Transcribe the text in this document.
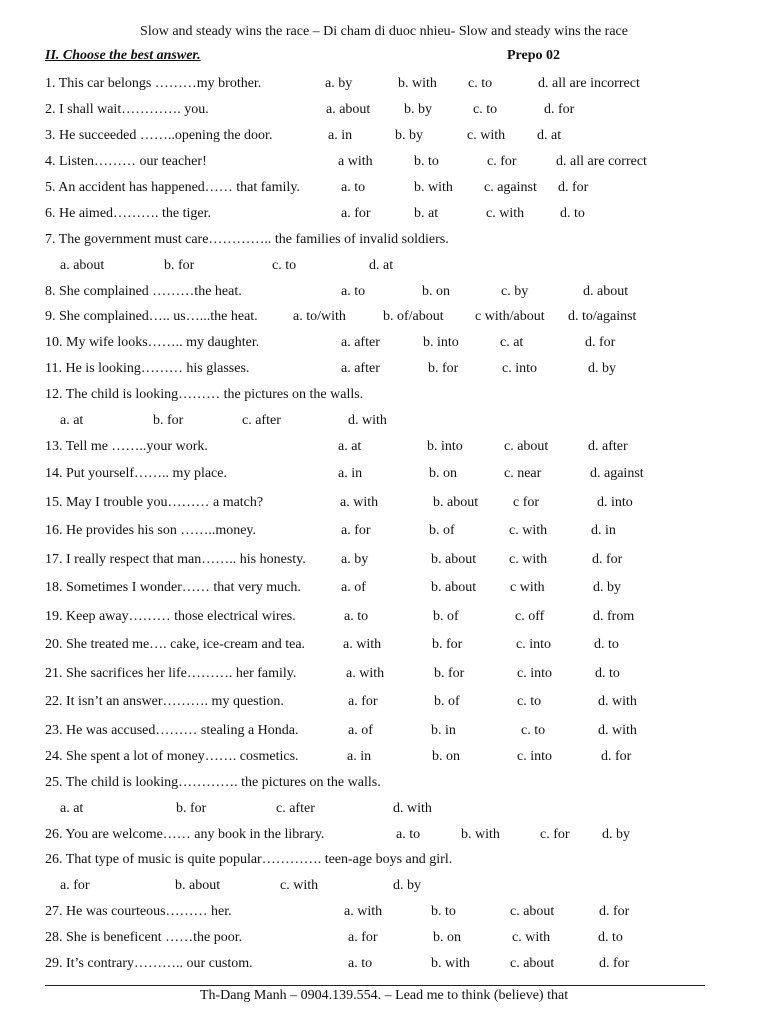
Slow and steady wins the race – Di cham di duoc nhieu- Slow and steady wins the race
II. Choose the best answer.	Prepo 02
1. This car belongs ………my brother.	a. by	b. with c. to	d. all are incorrect
2. I shall wait…………. you.	a. about b. by	c. to	d. for
3. He succeeded ……..opening the door.	a. in	b. by	c. with d. at
4. Listen……… our teacher!	a with	b. to	c. for	d. all are correct
5. An accident has happened…… that family.	a. to	b. with c. against d. for
6. He aimed………. the tiger.	a. for	b. at	c. with	d. to
7. The government must care………….. the families of invalid soldiers.
a. about	b. for	c. to	d. at
8. She complained ………the heat.	a. to	b. on	c. by	d. about
9. She complained….. us…...the heat.	a. to/with	b. of/about c with/about d. to/against
10. My wife looks…….. my daughter.	a. after	b. into	c. at	d. for
11. He is looking……… his glasses.	a. after	b. for	c. into	d. by
12. The child is looking……… the pictures on the walls.
a. at	b. for	c. after	d. with
13. Tell me ……..your work.	a. at	b. into	c. about	d. after
14. Put yourself…….. my place.	a. in	b. on	c. near	d. against
15. May I trouble you……… a match?	a. with	b. about c for	d. into
16. He provides his son ……..money.	a. for	b. of	c. with	d. in
17. I really respect that man…….. his honesty.	a. by	b. about c. with	d. for
18. Sometimes I wonder…… that very much.	a. of	b. about c with	d. by
19. Keep away……… those electrical wires.	a. to	b. of	c. off	d. from
20. She treated me…. cake, ice-cream and tea.	a. with	b. for	c. into	d. to
21. She sacrifices her life………. her family.	a. with	b. for	c. into	d. to
22. It isn’t an answer………. my question.	a. for	b. of	c. to	d. with
23. He was accused……… stealing a Honda.	a. of	b. in	c. to	d. with
24. She spent a lot of money……. cosmetics.	a. in	b. on	c. into	d. for
25. The child is looking…………. the pictures on the walls.
a. at	b. for	c. after	d. with
26. You are welcome…… any book in the library.	a. to	b. with	c. for d. by
26. That type of music is quite popular…………. teen-age boys and girl.
a. for	b. about	c. with	d. by
27. He was courteous……… her.	a. with	b. to	c. about	d. for
28. She is beneficent ……the poor.	a. for	b. on	c. with	d. to
29. It’s contrary……….. our custom.	a. to	b. with	c. about	d. for
Th-Dang Manh – 0904.139.554. – Lead me to think (believe) that
